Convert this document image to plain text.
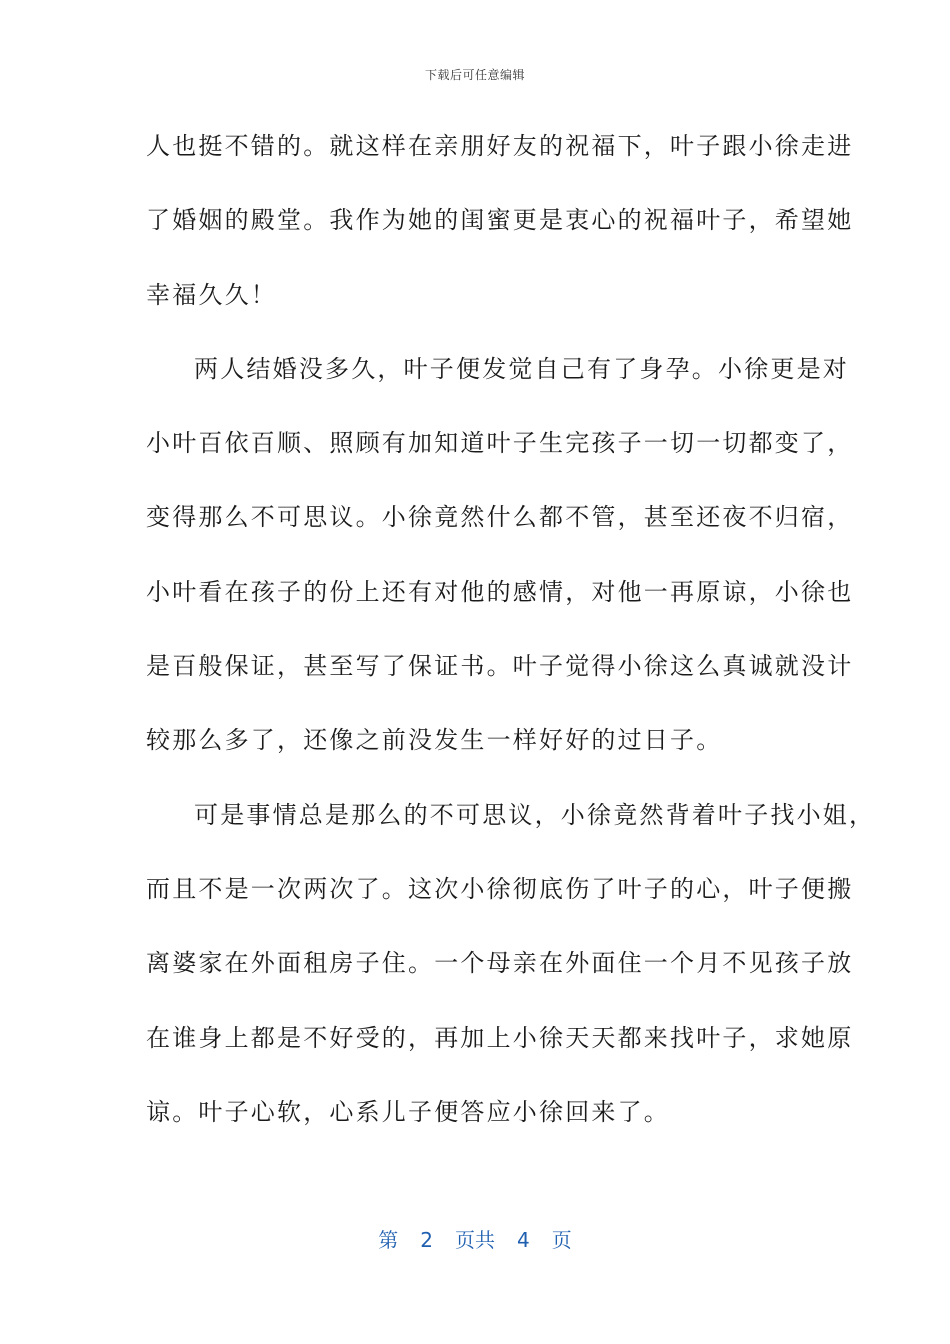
下载后可任意编辑
人也挺不错的。就这样在亲朋好友的祝福下，叶子跟小徐走进
了婚姻的殿堂。我作为她的闺蜜更是衷心的祝福叶子，希望她
幸福久久！
两人结婚没多久，叶子便发觉自己有了身孕。小徐更是对
小叶百依百顺、照顾有加知道叶子生完孩子一切一切都变了，
变得那么不可思议。小徐竟然什么都不管，甚至还夜不归宿，
小叶看在孩子的份上还有对他的感情，对他一再原谅，小徐也
是百般保证，甚至写了保证书。叶子觉得小徐这么真诚就没计
较那么多了，还像之前没发生一样好好的过日子。
可是事情总是那么的不可思议，小徐竟然背着叶子找小姐，
而且不是一次两次了。这次小徐彻底伤了叶子的心，叶子便搬
离婆家在外面租房子住。一个母亲在外面住一个月不见孩子放
在谁身上都是不好受的，再加上小徐天天都来找叶子，求她原
谅。叶子心软，心系儿子便答应小徐回来了。
第 2 页共 4 页
